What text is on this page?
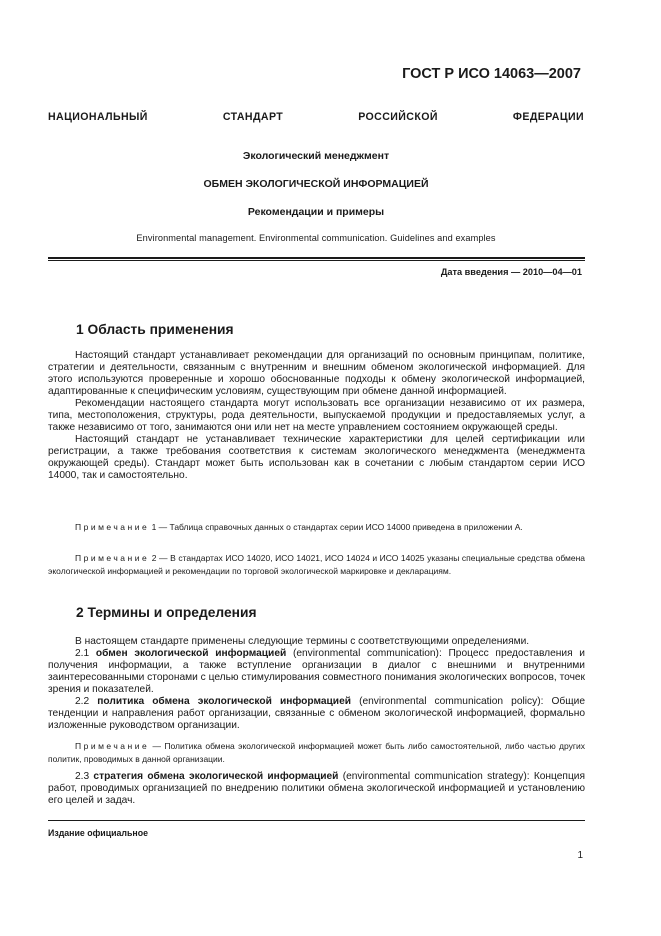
ГОСТ Р ИСО 14063—2007
НАЦИОНАЛЬНЫЙ СТАНДАРТ РОССИЙСКОЙ ФЕДЕРАЦИИ
Экологический менеджмент
ОБМЕН ЭКОЛОГИЧЕСКОЙ ИНФОРМАЦИЕЙ
Рекомендации и примеры
Environmental management. Environmental communication. Guidelines and examples
Дата введения — 2010—04—01
1 Область применения

Настоящий стандарт устанавливает рекомендации для организаций по основным принципам, политике, стратегии и деятельности, связанным с внутренним и внешним обменом экологической информацией. Для этого используются проверенные и хорошо обоснованные подходы к обмену экологической информацией, адаптированные к специфическим условиям, существующим при обмене данной информацией.

Рекомендации настоящего стандарта могут использовать все организации независимо от их размера, типа, местоположения, структуры, рода деятельности, выпускаемой продукции и предоставляемых услуг, а также независимо от того, занимаются они или нет на месте управлением состоянием окружающей среды.

Настоящий стандарт не устанавливает технические характеристики для целей сертификации или регистрации, а также требования соответствия к системам экологического менеджмента (менеджмента окружающей среды). Стандарт может быть использован как в сочетании с любым стандартом серии ИСО 14000, так и самостоятельно.

Примечание 1 — Таблица справочных данных о стандартах серии ИСО 14000 приведена в приложении А.

Примечание 2 — В стандартах ИСО 14020, ИСО 14021, ИСО 14024 и ИСО 14025 указаны специальные средства обмена экологической информацией и рекомендации по торговой экологической маркировке и декларациям.

2 Термины и определения

В настоящем стандарте применены следующие термины с соответствующими определениями.

2.1 обмен экологической информацией (environmental communication): Процесс предоставления и получения информации, а также вступление организации в диалог с внешними и внутренними заинтересованными сторонами с целью стимулирования совместного понимания экологических вопросов, точек зрения и показателей.

2.2 политика обмена экологической информацией (environmental communication policy): Общие тенденции и направления работ организации, связанные с обменом экологической информацией, формально изложенные руководством организации.

Примечание — Политика обмена экологической информацией может быть либо самостоятельной, либо частью других политик, проводимых в данной организации.

2.3 стратегия обмена экологической информацией (environmental communication strategy): Концепция работ, проводимых организацией по внедрению политики обмена экологической информацией и установлению его целей и задач.

Издание официальное
1
